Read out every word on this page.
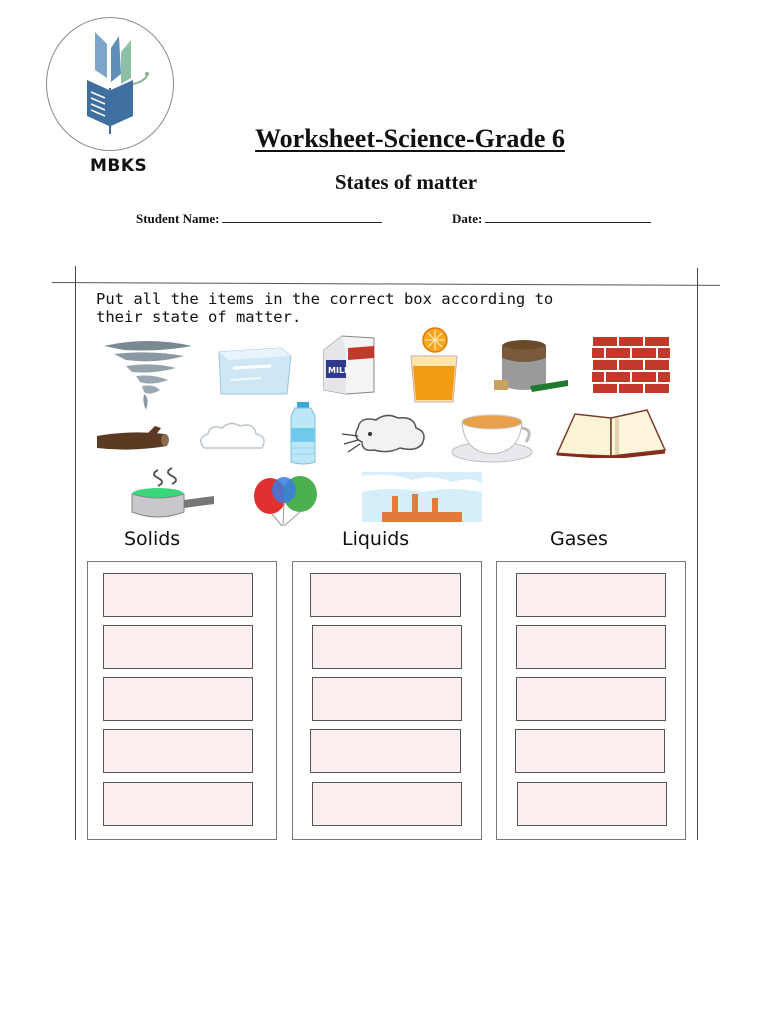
MBKS
Worksheet-Science-Grade 6
States of matter
Student Name:	Date:
Put all the items in the correct box according to
their state of matter.
MILK
Solids	Liquids	Gases
